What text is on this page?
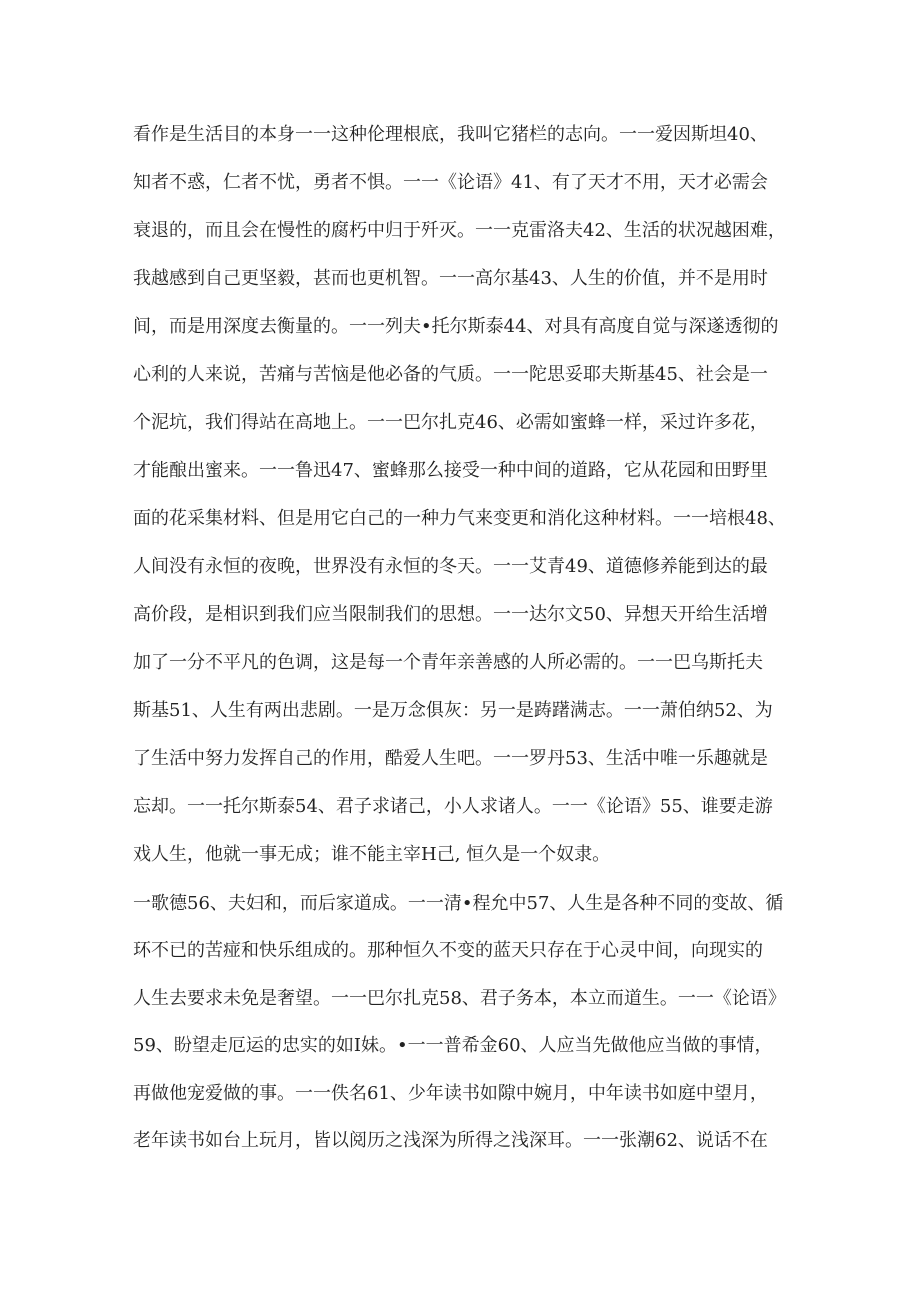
看作是生活目的本身一一这种伦理根底，我叫它猪栏的志向。一一爱因斯坦40、
知者不惑，仁者不忧，勇者不惧。一一《论语》41、有了天才不用，天才必需会
衰退的，而且会在慢性的腐朽中归于歼灭。一一克雷洛夫42、生活的状况越困难，
我越感到自己更坚毅，甚而也更机智。一一高尔基43、人生的价值，并不是用时
间，而是用深度去衡量的。一一列夫•托尔斯泰44、对具有高度自觉与深遂透彻的
心利的人来说，苦痛与苦恼是他必备的气质。一一陀思妥耶夫斯基45、社会是一
个泥坑，我们得站在高地上。一一巴尔扎克46、必需如蜜蜂一样，采过许多花，
才能酿出蜜来。一一鲁迅47、蜜蜂那么接受一种中间的道路，它从花园和田野里
面的花采集材料、但是用它白己的一种力气来变更和消化这种材料。一一培根48、
人间没有永恒的夜晚，世界没有永恒的冬天。一一艾青49、道德修养能到达的最
高价段，是相识到我们应当限制我们的思想。一一达尔文50、异想天开给生活增
加了一分不平凡的色调，这是每一个青年亲善感的人所必需的。一一巴乌斯托夫
斯基51、人生有两出悲剧。一是万念俱灰：另一是踌躇满志。一一萧伯纳52、为
了生活中努力发挥自己的作用，酷爱人生吧。一一罗丹53、生活中唯一乐趣就是
忘却。一一托尔斯泰54、君子求诸己，小人求诸人。一一《论语》55、谁要走游
戏人生，他就一事无成；谁不能主宰H己, 恒久是一个奴隶。
一歌德56、夫妇和，而后家道成。一一清•程允中57、人生是各种不同的变故、循
环不已的苦痖和快乐组成的。那种恒久不变的蓝天只存在于心灵中间，向现实的
人生去要求未免是奢望。一一巴尔扎克58、君子务本，本立而道生。一一《论语》
59、盼望走厄运的忠实的如I妹。•一一普希金60、人应当先做他应当做的事情，
再做他宠爱做的事。一一佚名61、少年读书如隙中婉月，中年读书如庭中望月，
老年读书如台上玩月，皆以阅历之浅深为所得之浅深耳。一一张潮62、说话不在
